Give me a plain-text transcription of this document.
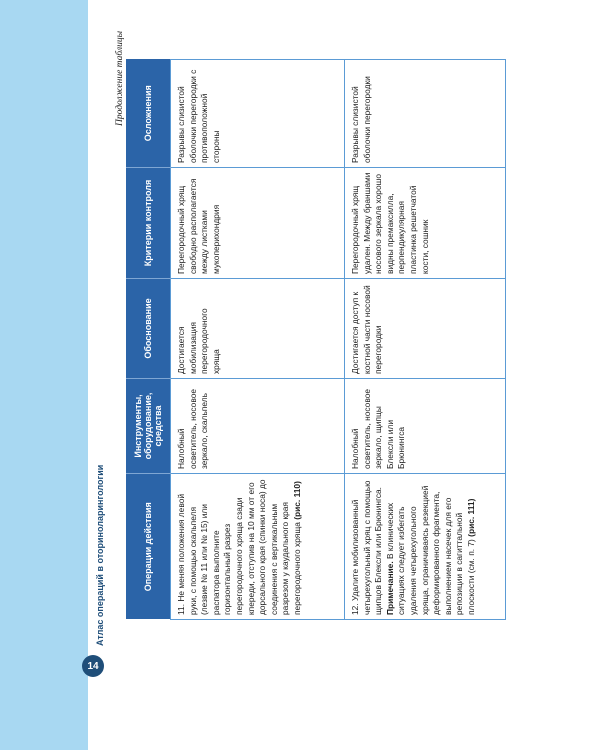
14
Атлас операций в оториноларингологии
Продолжение таблицы
Операции действия	Инструменты, оборудование, средства	Обоснование	Критерии контроля	Осложнения
11. Не меняя положения левой руки, с помощью скальпеля (лезвие № 11 или № 15) или распатора выполните горизонтальный разрез перегородочного хряща сзади кпереди, отступив на 10 мм от его дорсального края (спинки носа) до соединения с вертикальным разрезом у каудального края перегородочного хряща (рис. 110)	Налобный осветитель, носовое зеркало, скальпель	Достигается мобилизация перегородочного хряща	Перегородочный хрящ свободно располагается между листками мукоперихондрия	Разрывы слизистой оболочки перегородки с противоположной стороны

12. Удалите мобилизованный четырехугольный хряц с помощью щипцов Блексли или Брюнингса. Примечание. В клинических ситуациях следует избегать удаления четырехугольного хряща, ограничиваясь резекцией деформированного фрагмента, выполнением насечек для его репозиции в сагиттальной плоскости (см. п. 7) (рис. 111)	Налобный осветитель, носовое зеркало, щипцы Блексли или Брюнингса	Достигается доступ к костной части носовой перегородки	Перегородочный хрящ удален. Между браншами носового зеркала хорошо видны премаксилла, перпендикулярная пластинка решетчатой кости, сошник	Разрывы слизистой оболочки перегородки
